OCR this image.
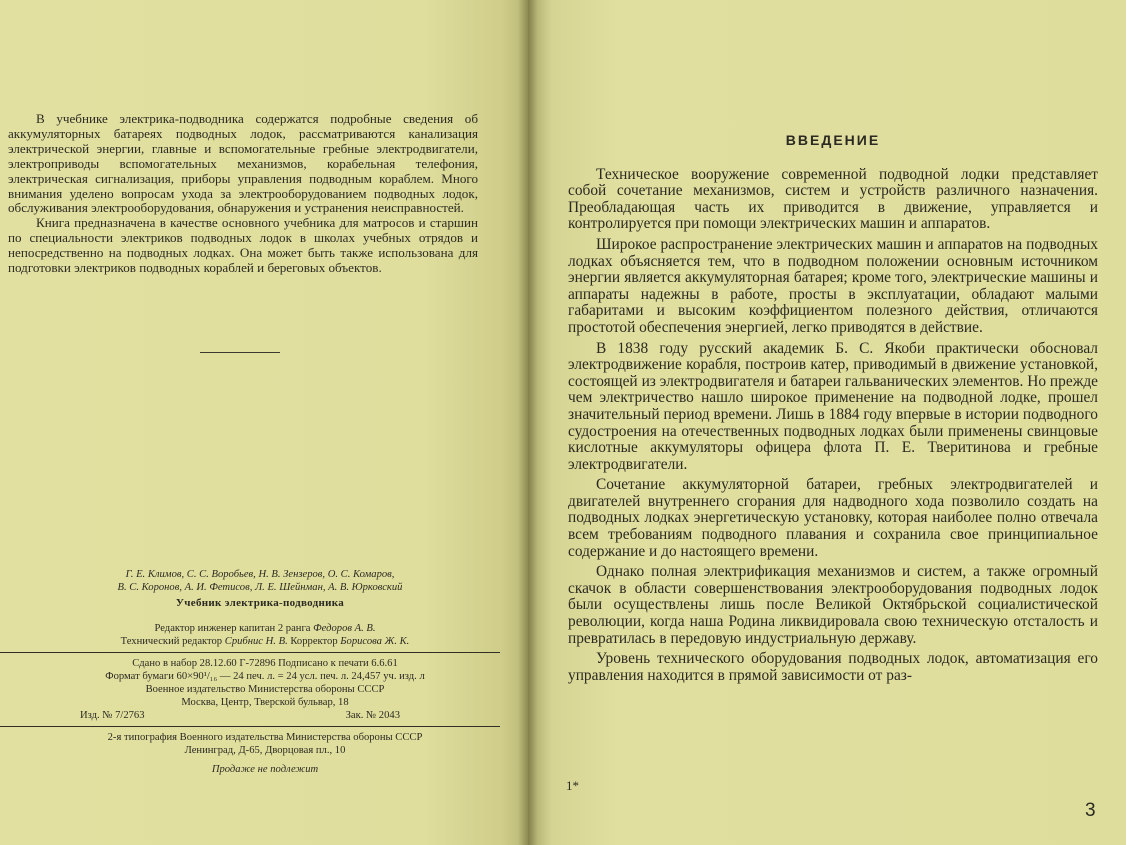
В учебнике электрика-подводника содержатся подробные сведения об аккумуляторных батареях подводных лодок, рассматриваются канализация электрической энергии, главные и вспомогательные гребные электродвигатели, электроприводы вспомогательных механизмов, корабельная телефония, электрическая сигнализация, приборы управления подводным кораблем. Много внимания уделено вопросам ухода за электрооборудованием подводных лодок, обслуживания электрооборудования, обнаружения и устранения неисправностей.

Книга предназначена в качестве основного учебника для матросов и старшин по специальности электриков подводных лодок в школах учебных отрядов и непосредственно на подводных лодках. Она может быть также использована для подготовки электриков подводных кораблей и береговых объектов.

Г. Е. Климов, С. С. Воробьев, Н. В. Зензеров, О. С. Комаров,

В. С. Коронов, А. И. Фетисов, Л. Е. Шейнман, А. В. Юрковский

Учебник электрика-подводника

Редактор инженер капитан 2 ранга Федоров А. В.

Технический редактор Срибнис Н. В. Корректор Борисова Ж. К.

Сдано в набор 28.12.60 Г-72896 Подписано к печати 6.6.61

Формат бумаги 60×90¹/₁₆ — 24 печ. л. = 24 усл. печ. л. 24,457 уч. изд. л

Военное издательство Министерства обороны СССР

Москва, Центр, Тверской бульвар, 18

Изд. № 7/2763	Зак. № 2043

2-я типография Военного издательства Министерства обороны СССР

Ленинград, Д-65, Дворцовая пл., 10

Продаже не подлежит

ВВЕДЕНИЕ

Техническое вооружение современной подводной лодки представляет собой сочетание механизмов, систем и устройств различного назначения. Преобладающая часть их приводится в движение, управляется и контролируется при помощи электрических машин и аппаратов.

Широкое распространение электрических машин и аппаратов на подводных лодках объясняется тем, что в подводном положении основным источником энергии является аккумуляторная батарея; кроме того, электрические машины и аппараты надежны в работе, просты в эксплуатации, обладают малыми габаритами и высоким коэффициентом полезного действия, отличаются простотой обеспечения энергией, легко приводятся в действие.

В 1838 году русский академик Б. С. Якоби практически обосновал электродвижение корабля, построив катер, приводимый в движение установкой, состоящей из электродвигателя и батареи гальванических элементов. Но прежде чем электричество нашло широкое применение на подводной лодке, прошел значительный период времени. Лишь в 1884 году впервые в истории подводного судостроения на отечественных подводных лодках были применены свинцовые кислотные аккумуляторы офицера флота П. Е. Тверитинова и гребные электродвигатели.

Сочетание аккумуляторной батареи, гребных электродвигателей и двигателей внутреннего сгорания для надводного хода позволило создать на подводных лодках энергетическую установку, которая наиболее полно отвечала всем требованиям подводного плавания и сохранила свое принципиальное содержание и до настоящего времени.

Однако полная электрификация механизмов и систем, а также огромный скачок в области совершенствования электрооборудования подводных лодок были осуществлены лишь после Великой Октябрьской социалистической революции, когда наша Родина ликвидировала свою техническую отсталость и превратилась в передовую индустриальную державу.

Уровень технического оборудования подводных лодок, автоматизация его управления находится в прямой зависимости от раз-

1*
3
